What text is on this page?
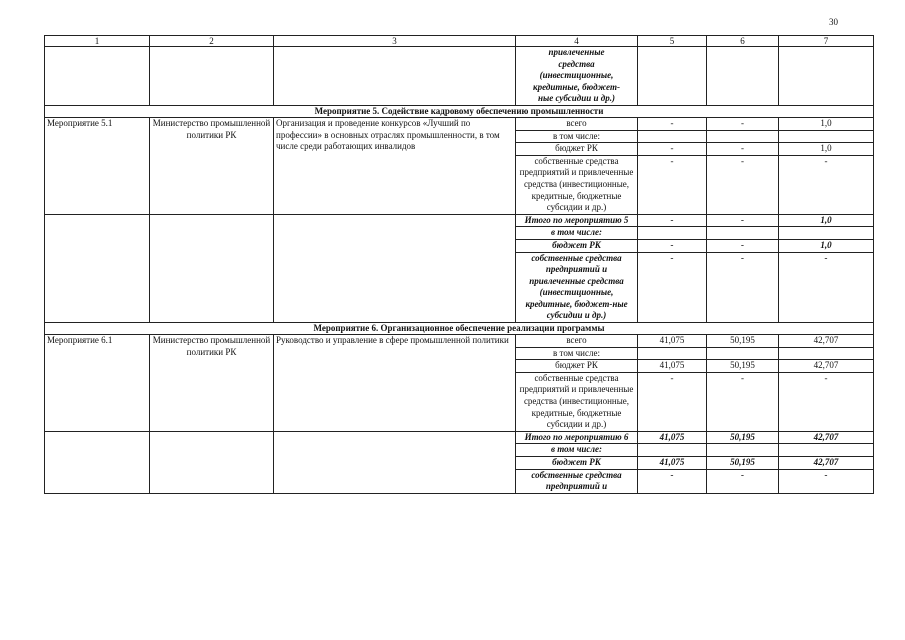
30
1	2	3	4	5	6	7

			привлеченные
средства
(инвестиционные,
кредитные, бюджет-
ные субсидии и др.)			

Мероприятие 5. Содействие кадровому обеспечению промышленности						
Мероприятие 5.1	Министерство промышленной политики РК	Организация и проведение конкурсов «Лучший по профессии» в основных отраслях промышленности, в том числе среди работающих инвалидов	всего	-	-	1,0
			в том числе:			
			бюджет РК	-	-	1,0
			собственные средства предприятий и привлеченные средства (инвестиционные, кредитные, бюджетные субсидии и др.)	-	-	-
			Итого по мероприятию 5	-	-	1,0
			в том числе:			
			бюджет РК	-	-	1,0
			собственные средства предприятий и привлеченные средства (инвестиционные, кредитные, бюджет-ные субсидии и др.)	-	-	-
Мероприятие 6. Организационное обеспечение реализации программы						
Мероприятие 6.1	Министерство промышленной политики РК	Руководство и управление в сфере промышленной политики	всего	41,075	50,195	42,707
			в том числе:			
			бюджет РК	41,075	50,195	42,707
			собственные средства предприятий и привлеченные средства (инвестиционные, кредитные, бюджетные субсидии и др.)	-	-	-
			Итого по мероприятию 6	41,075	50,195	42,707
			в том числе:			
			бюджет РК	41,075	50,195	42,707
			собственные средства предприятий и	-	-	-
